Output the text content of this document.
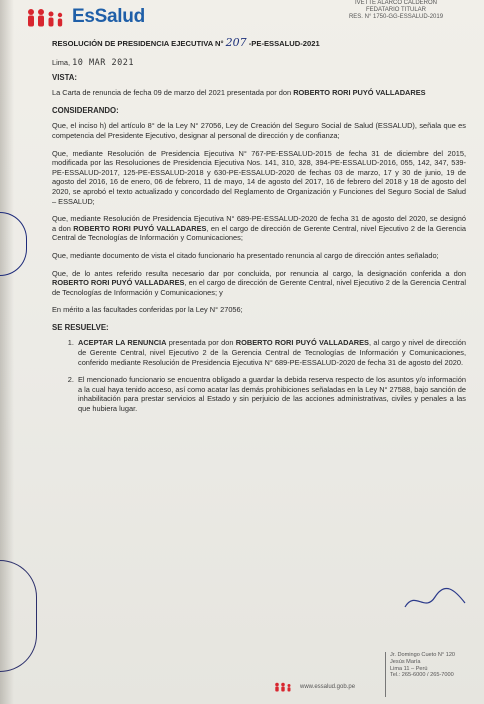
EsSalud
IVETTE ALARCO CALDERÓN
FEDATARIO TITULAR
RES. N° 1750-GG-ESSALUD-2019
RESOLUCIÓN DE PRESIDENCIA EJECUTIVA N° 207 -PE-ESSALUD-2021

Lima, 10 MAR 2021

VISTA:

La Carta de renuncia de fecha 09 de marzo del 2021 presentada por don ROBERTO RORI PUYÓ VALLADARES

CONSIDERANDO:

Que, el inciso h) del artículo 8° de la Ley N° 27056, Ley de Creación del Seguro Social de Salud (ESSALUD), señala que es competencia del Presidente Ejecutivo, designar al personal de dirección y de confianza;

Que, mediante Resolución de Presidencia Ejecutiva N° 767-PE-ESSALUD-2015 de fecha 31 de diciembre del 2015, modificada por las Resoluciones de Presidencia Ejecutiva Nos. 141, 310, 328, 394-PE-ESSALUD-2016, 055, 142, 347, 539-PE-ESSALUD-2017, 125-PE-ESSALUD-2018 y 630-PE-ESSALUD-2020 de fechas 03 de marzo, 17 y 30 de junio, 19 de agosto del 2016, 16 de enero, 06 de febrero, 11 de mayo, 14 de agosto del 2017, 16 de febrero del 2018 y 18 de agosto del 2020, se aprobó el texto actualizado y concordado del Reglamento de Organización y Funciones del Seguro Social de Salud – ESSALUD;

Que, mediante Resolución de Presidencia Ejecutiva N° 689-PE-ESSALUD-2020 de fecha 31 de agosto del 2020, se designó a don ROBERTO RORI PUYÓ VALLADARES, en el cargo de dirección de Gerente Central, nivel Ejecutivo 2 de la Gerencia Central de Tecnologías de Información y Comunicaciones;

Que, mediante documento de vista el citado funcionario ha presentado renuncia al cargo de dirección antes señalado;

Que, de lo antes referido resulta necesario dar por concluida, por renuncia al cargo, la designación conferida a don ROBERTO RORI PUYÓ VALLADARES, en el cargo de dirección de Gerente Central, nivel Ejecutivo 2 de la Gerencia Central de Tecnologías de Información y Comunicaciones; y

En mérito a las facultades conferidas por la Ley N° 27056;

SE RESUELVE:

1. ACEPTAR LA RENUNCIA presentada por don ROBERTO RORI PUYÓ VALLADARES, al cargo y nivel de dirección de Gerente Central, nivel Ejecutivo 2 de la Gerencia Central de Tecnologías de Información y Comunicaciones, conferido mediante Resolución de Presidencia Ejecutiva N° 689-PE-ESSALUD-2020 de fecha 31 de agosto del 2020.
2. El mencionado funcionario se encuentra obligado a guardar la debida reserva respecto de los asuntos y/o información a la cual haya tenido acceso, así como acatar las demás prohibiciones señaladas en la Ley N° 27588, bajo sanción de inhabilitación para prestar servicios al Estado y sin perjuicio de las acciones administrativas, civiles y penales a las que hubiera lugar.
www.essalud.gob.pe
Jr. Domingo Cueto N° 120
Jesús María
Lima 11 – Perú
Tel.: 265-6000 / 265-7000
